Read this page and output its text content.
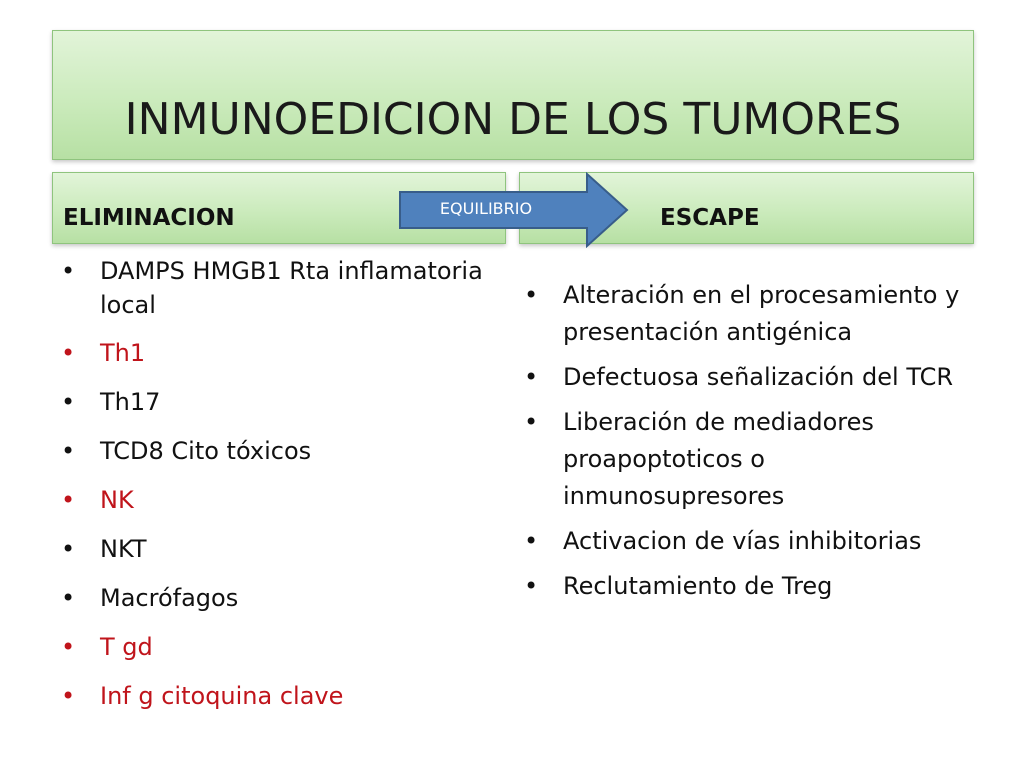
INMUNOEDICION DE LOS TUMORES
ELIMINACION	ESCAPE
EQUILIBRIO
• DAMPS HMGB1 Rta inflamatoria local
• Th1
• Th17
• TCD8 Cito tóxicos
• NK
• NKT
• Macrófagos
• T gd
• Inf g citoquina clave
• Alteración en el procesamiento y presentación antigénica
• Defectuosa señalización del TCR
• Liberación de mediadores proapoptoticos o inmunosupresores
• Activacion de vías inhibitorias
• Reclutamiento de Treg
